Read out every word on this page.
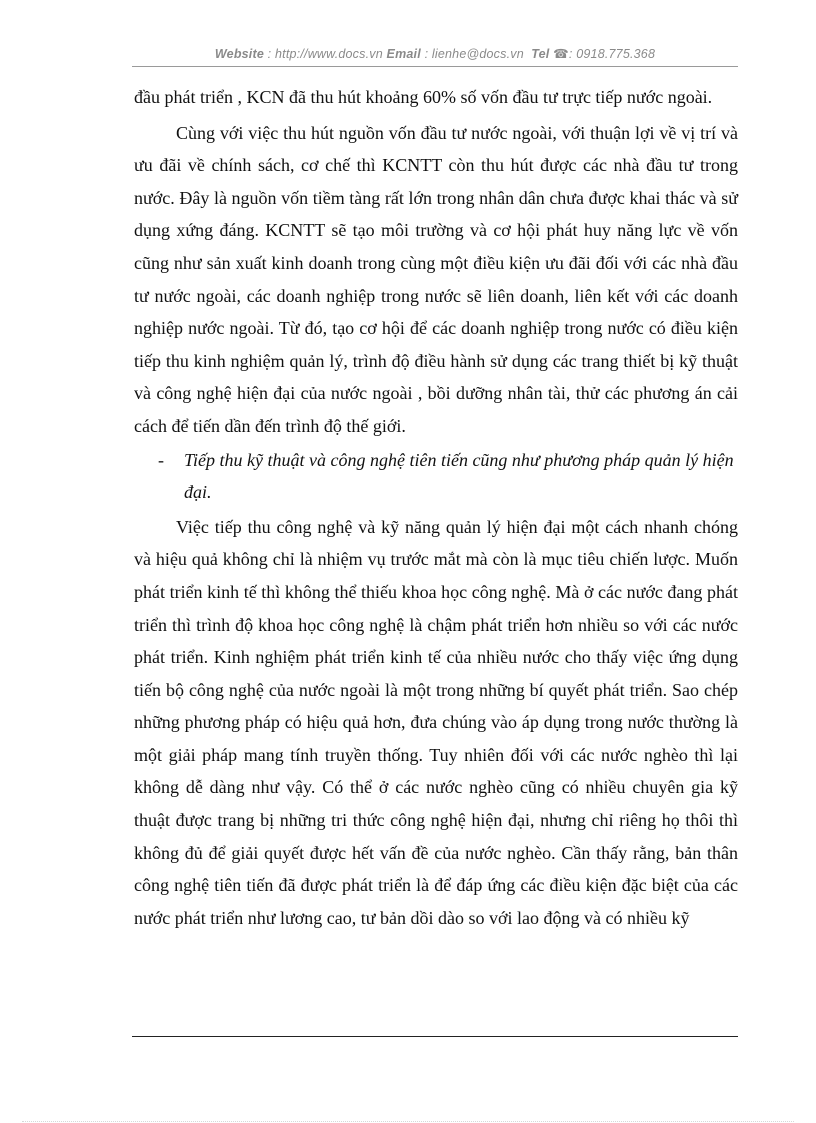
Website : http://www.docs.vn Email : lienhe@docs.vn Tel ☎: 0918.775.368

đầu phát triển , KCN đã thu hút khoảng 60% số vốn đầu tư trực tiếp nước ngoài.

Cùng với việc thu hút nguồn vốn đầu tư nước ngoài, với thuận lợi về vị trí và ưu đãi về chính sách, cơ chế thì KCNTT còn thu hút được các nhà đầu tư trong nước. Đây là nguồn vốn tiềm tàng rất lớn trong nhân dân chưa được khai thác và sử dụng xứng đáng. KCNTT sẽ tạo môi trường và cơ hội phát huy năng lực về vốn cũng như sản xuất kinh doanh trong cùng một điều kiện ưu đãi đối với các nhà đầu tư nước ngoài, các doanh nghiệp trong nước sẽ liên doanh, liên kết với các doanh nghiệp nước ngoài. Từ đó, tạo cơ hội để các doanh nghiệp trong nước có điều kiện tiếp thu kinh nghiệm quản lý, trình độ điều hành sử dụng các trang thiết bị kỹ thuật và công nghệ hiện đại của nước ngoài , bồi dưỡng nhân tài, thử các phương án cải cách để tiến dần đến trình độ thế giới.

- Tiếp thu kỹ thuật và công nghệ tiên tiến cũng như phương pháp quản lý hiện đại.

Việc tiếp thu công nghệ và kỹ năng quản lý hiện đại một cách nhanh chóng và hiệu quả không chỉ là nhiệm vụ trước mắt mà còn là mục tiêu chiến lược. Muốn phát triển kinh tế thì không thể thiếu khoa học công nghệ. Mà ở các nước đang phát triển thì trình độ khoa học công nghệ là chậm phát triển hơn nhiều so với các nước phát triển. Kinh nghiệm phát triển kinh tế của nhiều nước cho thấy việc ứng dụng tiến bộ công nghệ của nước ngoài là một trong những bí quyết phát triển. Sao chép những phương pháp có hiệu quả hơn, đưa chúng vào áp dụng trong nước thường là một giải pháp mang tính truyền thống. Tuy nhiên đối với các nước nghèo thì lại không dễ dàng như vậy. Có thể ở các nước nghèo cũng có nhiều chuyên gia kỹ thuật được trang bị những tri thức công nghệ hiện đại, nhưng chỉ riêng họ thôi thì không đủ để giải quyết được hết vấn đề của nước nghèo. Cần thấy rằng, bản thân công nghệ tiên tiến đã được phát triển là để đáp ứng các điều kiện đặc biệt của các nước phát triển như lương cao, tư bản dồi dào so với lao động và có nhiều kỹ
